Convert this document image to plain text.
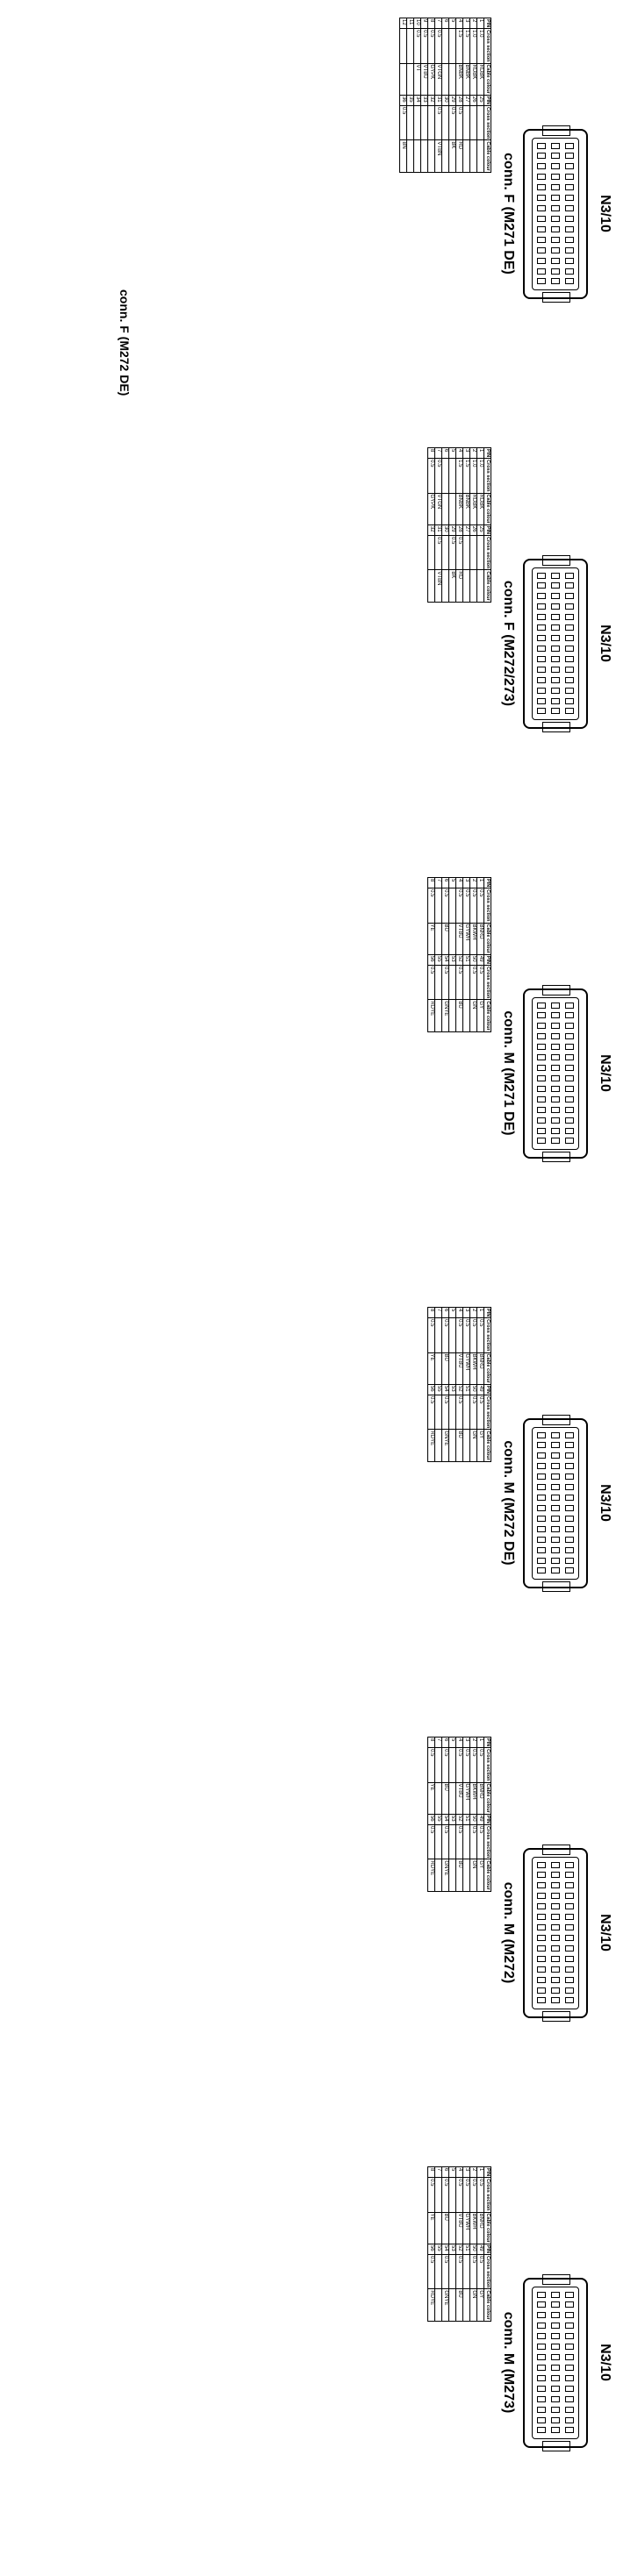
N3/10
conn. F (M271 DE)
PIN	Cross section	Cable colour	PIN	Cross section	Cable colour
1	1.0	RDBK	25		
2	1.0	RDBK	26		
3	1.5	BNBK	27		
4	1.5	BNBK	28	0.5	RD
5			29	0.5	BK
6			30		
7	0.5	VTGN	31	0.5	VTBN
8	0.5	GYPK	32		
9	0.5	VTBU	33		
10	0.5	VT	34		
11			35		
12			36	0.5	BN
N3/10
conn. F (M272/273)
PIN	Cross section	Cable colour	PIN	Cross section	Cable colour
1	1.0	RDBK	25		
2	1.0	RDBK	26		
3	1.5	BNBK	27		
4	1.5	BNBK	28	0.5	RD
5			29	0.5	BK
6			30		
7	0.5	VTGN	31	0.5	VTBN
8	0.5	GYPK	32		
N3/10
conn. M (M271 DE)
PIN	Cross section	Cable colour	PIN	Cross section	Cable colour
1	0.5	BNRD	49	0.5	GY
2	0.5	BKWH	50	0.5	GN
3	0.5	GYWH	51		
4	0.5	VTBU	52	0.5	BU
5			53		
6	0.5	BU	54	0.5	GNYE
7			55		
8	0.5	YE	56	0.5	RDYE
N3/10
conn. M (M272 DE)
PIN	Cross section	Cable colour	PIN	Cross section	Cable colour
1	0.5	BNRD	49	0.5	GY
2	0.5	BKWH	50	0.5	GN
3	0.5	GYWH	51		
4	0.5	VTBU	52	0.5	BU
5			53		
6	0.5	BU	54	0.5	GNYE
7			55		
8	0.5	YE	56	0.5	RDYE
N3/10
conn. M (M272)
PIN	Cross section	Cable colour	PIN	Cross section	Cable colour
1	0.5	BNRD	49	0.5	GY
2	0.5	BKWH	50	0.5	GN
3	0.5	GYWH	51		
4	0.5	VTBU	52	0.5	BU
5			53		
6	0.5	BU	54	0.5	GNYE
7			55		
8	0.5	YE	56	0.5	RDYE
N3/10
conn. M (M273)
PIN	Cross section	Cable colour	PIN	Cross section	Cable colour
1	0.5	BNRD	49	0.5	GY
2	0.5	BKWH	50	0.5	GN
3	0.5	GYWH	51		
4	0.5	VTBU	52	0.5	BU
5			53		
6	0.5	BU	54	0.5	GNYE
7			55		
8	0.5	YE	56	0.5	RDYE
conn. F (M272 DE)
